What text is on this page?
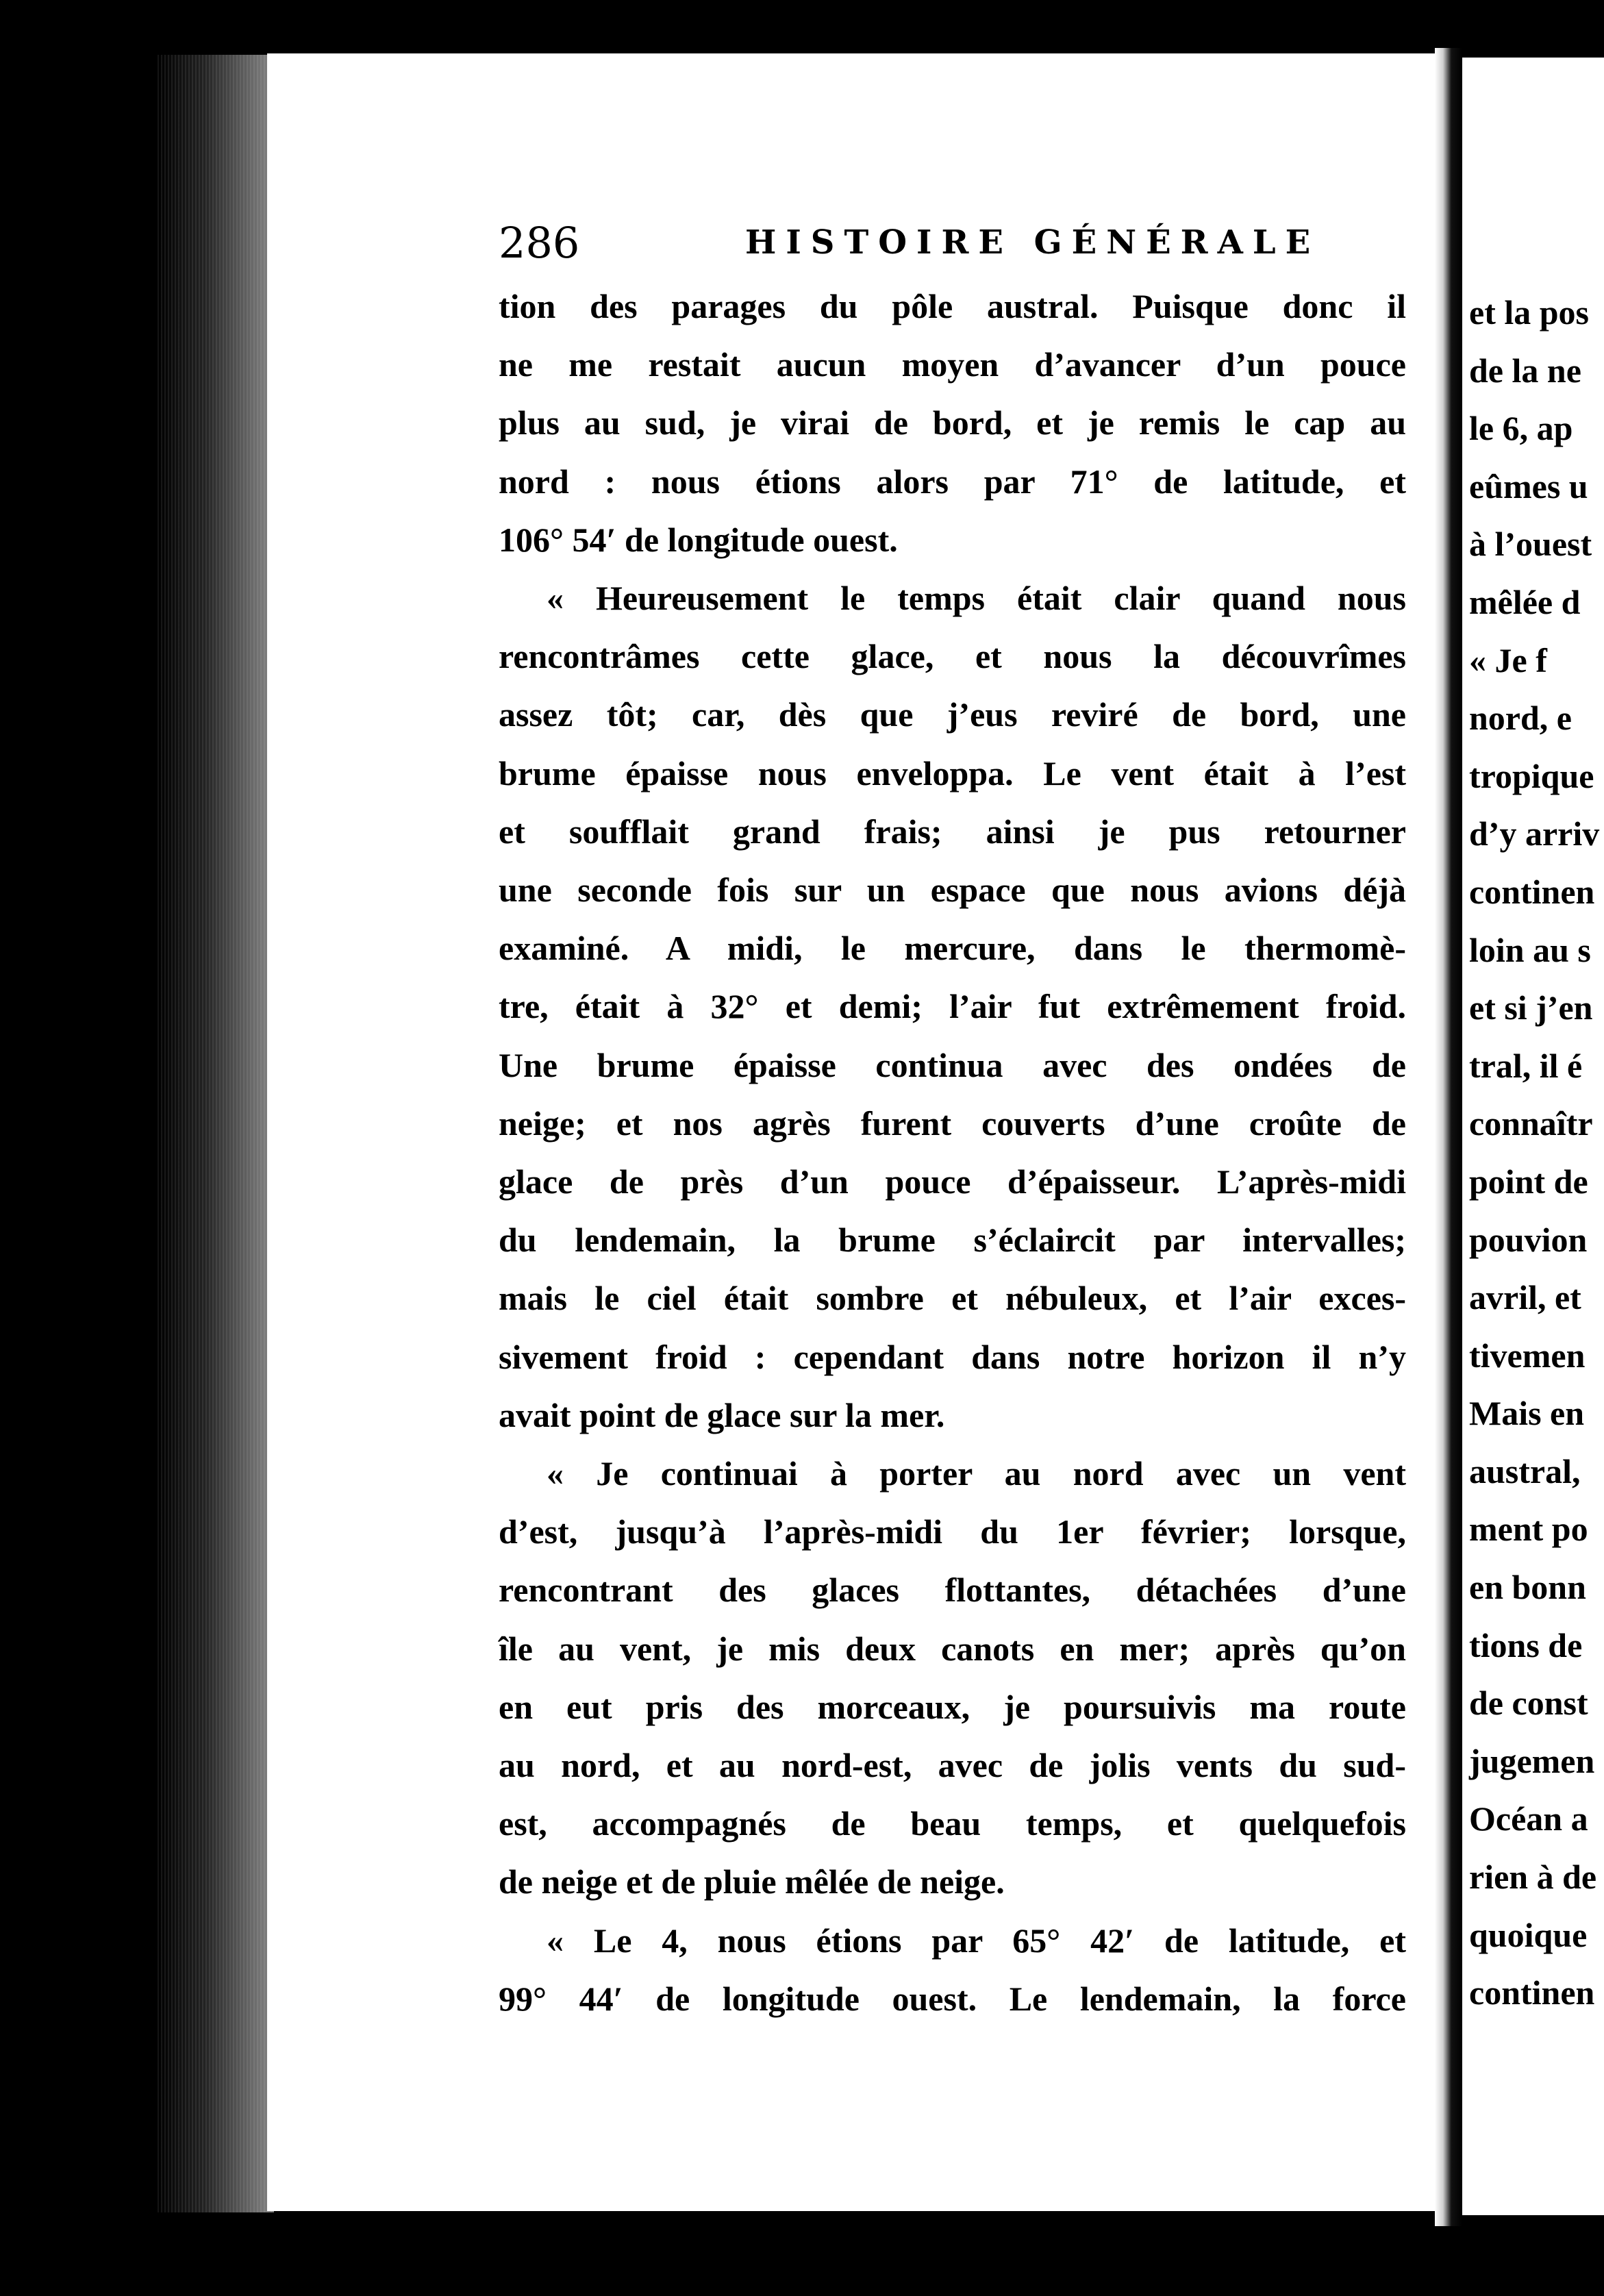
286	HISTOIRE GÉNÉRALE
tion des parages du pôle austral. Puisque donc il
ne me restait aucun moyen d’avancer d’un pouce
plus au sud, je virai de bord, et je remis le cap au
nord : nous étions alors par 71° de latitude, et
106° 54′ de longitude ouest.
« Heureusement le temps était clair quand nous
rencontrâmes cette glace, et nous la découvrîmes
assez tôt; car, dès que j’eus reviré de bord, une
brume épaisse nous enveloppa. Le vent était à l’est
et soufflait grand frais; ainsi je pus retourner
une seconde fois sur un espace que nous avions déjà
examiné. A midi, le mercure, dans le thermomè-
tre, était à 32° et demi; l’air fut extrêmement froid.
Une brume épaisse continua avec des ondées de
neige; et nos agrès furent couverts d’une croûte de
glace de près d’un pouce d’épaisseur. L’après-midi
du lendemain, la brume s’éclaircit par intervalles;
mais le ciel était sombre et nébuleux, et l’air exces-
sivement froid : cependant dans notre horizon il n’y
avait point de glace sur la mer.
« Je continuai à porter au nord avec un vent
d’est, jusqu’à l’après-midi du 1er février; lorsque,
rencontrant des glaces flottantes, détachées d’une
île au vent, je mis deux canots en mer; après qu’on
en eut pris des morceaux, je poursuivis ma route
au nord, et au nord-est, avec de jolis vents du sud-
est, accompagnés de beau temps, et quelquefois
de neige et de pluie mêlée de neige.
« Le 4, nous étions par 65° 42′ de latitude, et
99° 44′ de longitude ouest. Le lendemain, la force
et la pos
de la ne
le 6, ap
eûmes u
à l’ouest
mêlée d
« Je f
nord, e
tropique
d’y arriv
continen
loin au s
et si j’en
tral, il é
connaîtr
point de
pouvion
avril, et
tivemen
Mais en
austral,
ment po
en bonn
tions de
de const
jugemen
Océan a
rien à de
quoique
continen
